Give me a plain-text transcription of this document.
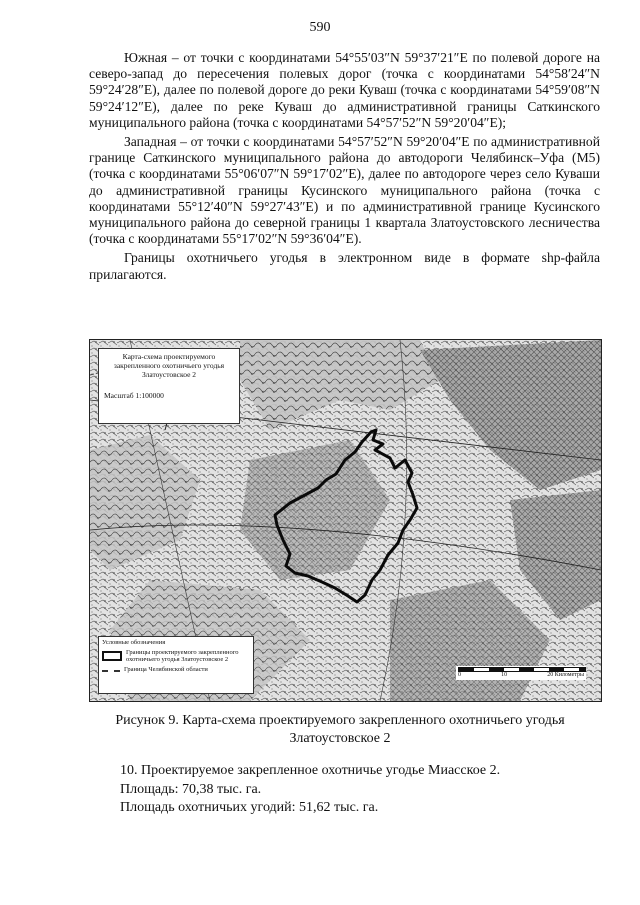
590

Южная – от точки с координатами 54°55′03″N 59°37′21″E по полевой дороге на северо-запад до пересечения полевых дорог (точка с координатами 54°58′24″N 59°24′28″E), далее по полевой дороге до реки Куваш (точка с координатами 54°59′08″N 59°24′12″E), далее по реке Куваш до административной границы Саткинского муниципального района (точка с координатами 54°57′52″N 59°20′04″E);

Западная – от точки с координатами 54°57′52″N 59°20′04″E по административной границе Саткинского муниципального района до автодороги Челябинск–Уфа (М5) (точка с координатами 55°06′07″N 59°17′02″E), далее по автодороге через село Куваши до административной границы Кусинского муниципального района (точка с координатами 55°12′40″N 59°27′43″E) и по административной границе Кусинского муниципального района до северной границы 1 квартала Златоустовского лесничества (точка с координатами 55°17′02″N 59°36′04″E).

Границы охотничьего угодья в электронном виде в формате shp-файла прилагаются.

Карта-схема проектируемого закрепленного охотничьего угодья Златоустовское 2
Масштаб 1:100000
Условные обозначения
Границы проектируемого закрепленного охотничьего угодья Златоустовское 2
Граница Челябинской области
0	10	20 Километры
Рисунок 9. Карта-схема проектируемого закрепленного охотничьего угодья Златоустовское 2
10. Проектируемое закрепленное охотничье угодье Миасское 2.
Площадь: 70,38 тыс. га.
Площадь охотничьих угодий: 51,62 тыс. га.
